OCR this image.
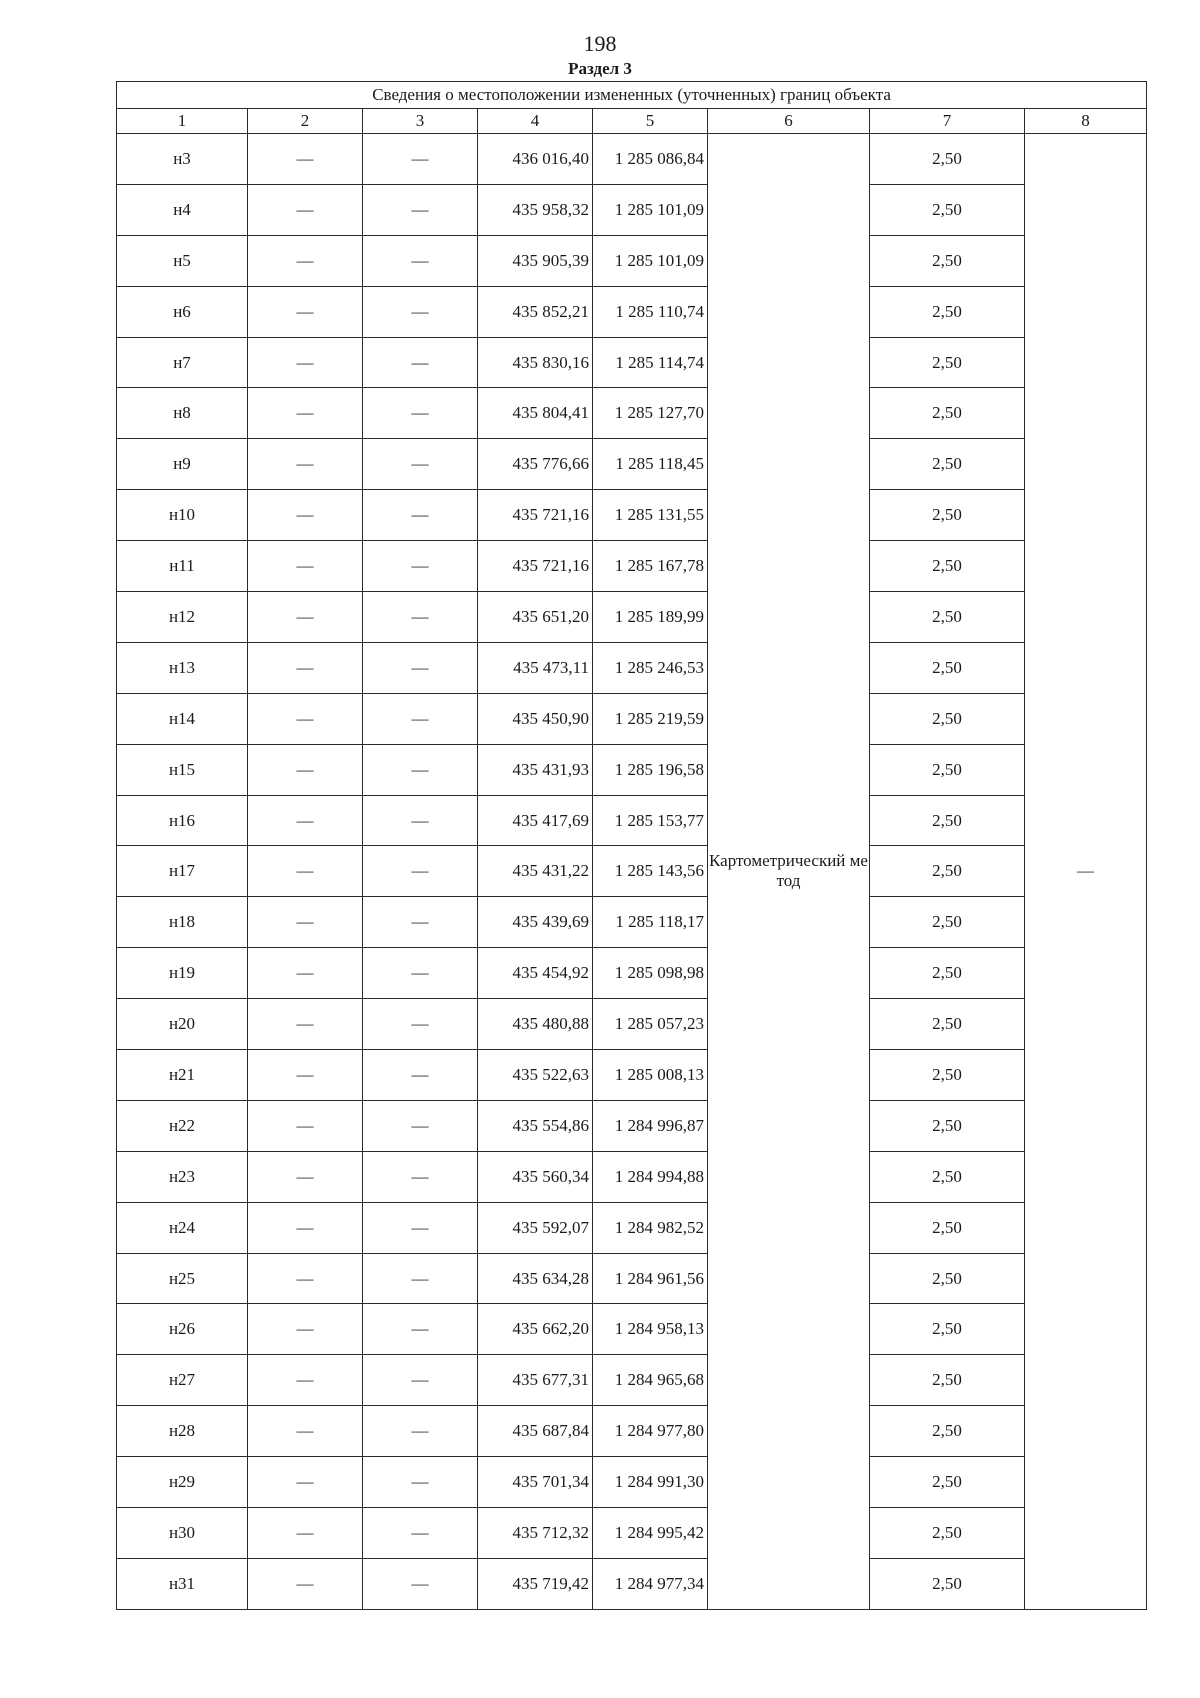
198
Раздел 3
Сведения о местоположении измененных (уточненных) границ объекта							
1	2	3	4	5	6	7	8
н3	—	—	436 016,40	1 285 086,84	Картометрический метод	2,50	—
н4	—	—	435 958,32	1 285 101,09		2,50	
н5	—	—	435 905,39	1 285 101,09		2,50	
н6	—	—	435 852,21	1 285 110,74		2,50	
н7	—	—	435 830,16	1 285 114,74		2,50	
н8	—	—	435 804,41	1 285 127,70		2,50	
н9	—	—	435 776,66	1 285 118,45		2,50	
н10	—	—	435 721,16	1 285 131,55		2,50	
н11	—	—	435 721,16	1 285 167,78		2,50	
н12	—	—	435 651,20	1 285 189,99		2,50	
н13	—	—	435 473,11	1 285 246,53		2,50	
н14	—	—	435 450,90	1 285 219,59		2,50	
н15	—	—	435 431,93	1 285 196,58		2,50	
н16	—	—	435 417,69	1 285 153,77		2,50	
н17	—	—	435 431,22	1 285 143,56		2,50	
н18	—	—	435 439,69	1 285 118,17		2,50	
н19	—	—	435 454,92	1 285 098,98		2,50	
н20	—	—	435 480,88	1 285 057,23		2,50	
н21	—	—	435 522,63	1 285 008,13		2,50	
н22	—	—	435 554,86	1 284 996,87		2,50	
н23	—	—	435 560,34	1 284 994,88		2,50	
н24	—	—	435 592,07	1 284 982,52		2,50	
н25	—	—	435 634,28	1 284 961,56		2,50	
н26	—	—	435 662,20	1 284 958,13		2,50	
н27	—	—	435 677,31	1 284 965,68		2,50	
н28	—	—	435 687,84	1 284 977,80		2,50	
н29	—	—	435 701,34	1 284 991,30		2,50	
н30	—	—	435 712,32	1 284 995,42		2,50	
н31	—	—	435 719,42	1 284 977,34		2,50	
